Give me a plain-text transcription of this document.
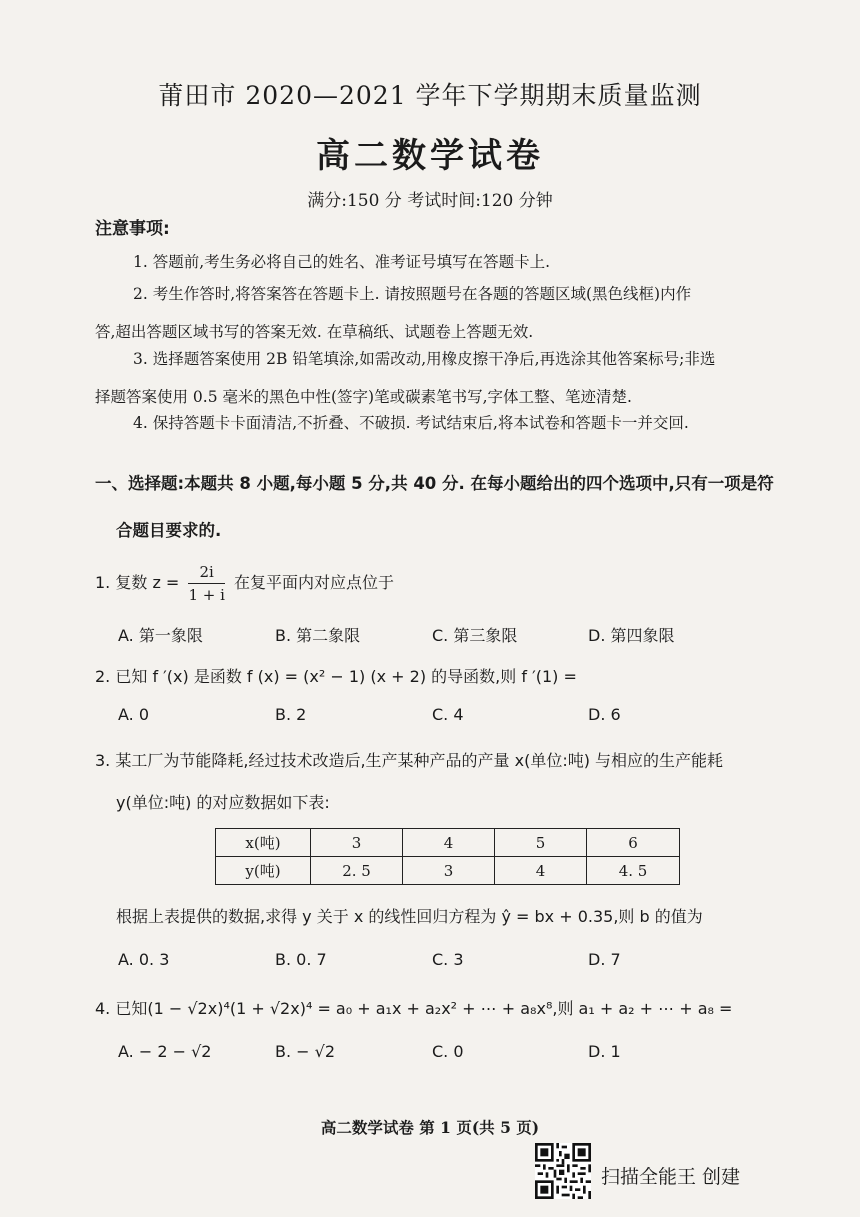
莆田市 2020—2021 学年下学期期末质量监测
高二数学试卷
满分:150 分 考试时间:120 分钟
注意事项:
1. 答题前,考生务必将自己的姓名、准考证号填写在答题卡上.
2. 考生作答时,将答案答在答题卡上. 请按照题号在各题的答题区域(黑色线框)内作
答,超出答题区域书写的答案无效. 在草稿纸、试题卷上答题无效.
3. 选择题答案使用 2B 铅笔填涂,如需改动,用橡皮擦干净后,再选涂其他答案标号;非选
择题答案使用 0.5 毫米的黑色中性(签字)笔或碳素笔书写,字体工整、笔迹清楚.
4. 保持答题卡卡面清洁,不折叠、不破损. 考试结束后,将本试卷和答题卡一并交回.
一、选择题:本题共 8 小题,每小题 5 分,共 40 分. 在每小题给出的四个选项中,只有一项是符
合题目要求的.
1. 复数 $z = \frac{2i}{1 + i}$ 在复平面内对应点位于
A. 第一象限	B. 第二象限	C. 第三象限	D. 第四象限
2. 已知 f ′(x) 是函数 f (x) = (x² − 1) (x + 2) 的导函数,则 f ′(1) =
A. 0	B. 2	C. 4	D. 6
3. 某工厂为节能降耗,经过技术改造后,生产某种产品的产量 x(单位:吨) 与相应的生产能耗
y(单位:吨) 的对应数据如下表:
x(吨)	3	4	5	6
y(吨)	2. 5	3	4	4. 5
根据上表提供的数据,求得 y 关于 x 的线性回归方程为 ŷ = bx + 0.35,则 b 的值为
A. 0. 3	B. 0. 7	C. 3	D. 7
4. 已知(1 − √2x)⁴(1 + √2x)⁴ = a₀ + a₁x + a₂x² + ⋯ + a₈x⁸,则 a₁ + a₂ + ⋯ + a₈ =
A. − 2 − √2	B. − √2	C. 0	D. 1
高二数学试卷 第 1 页(共 5 页)
扫描全能王 创建
